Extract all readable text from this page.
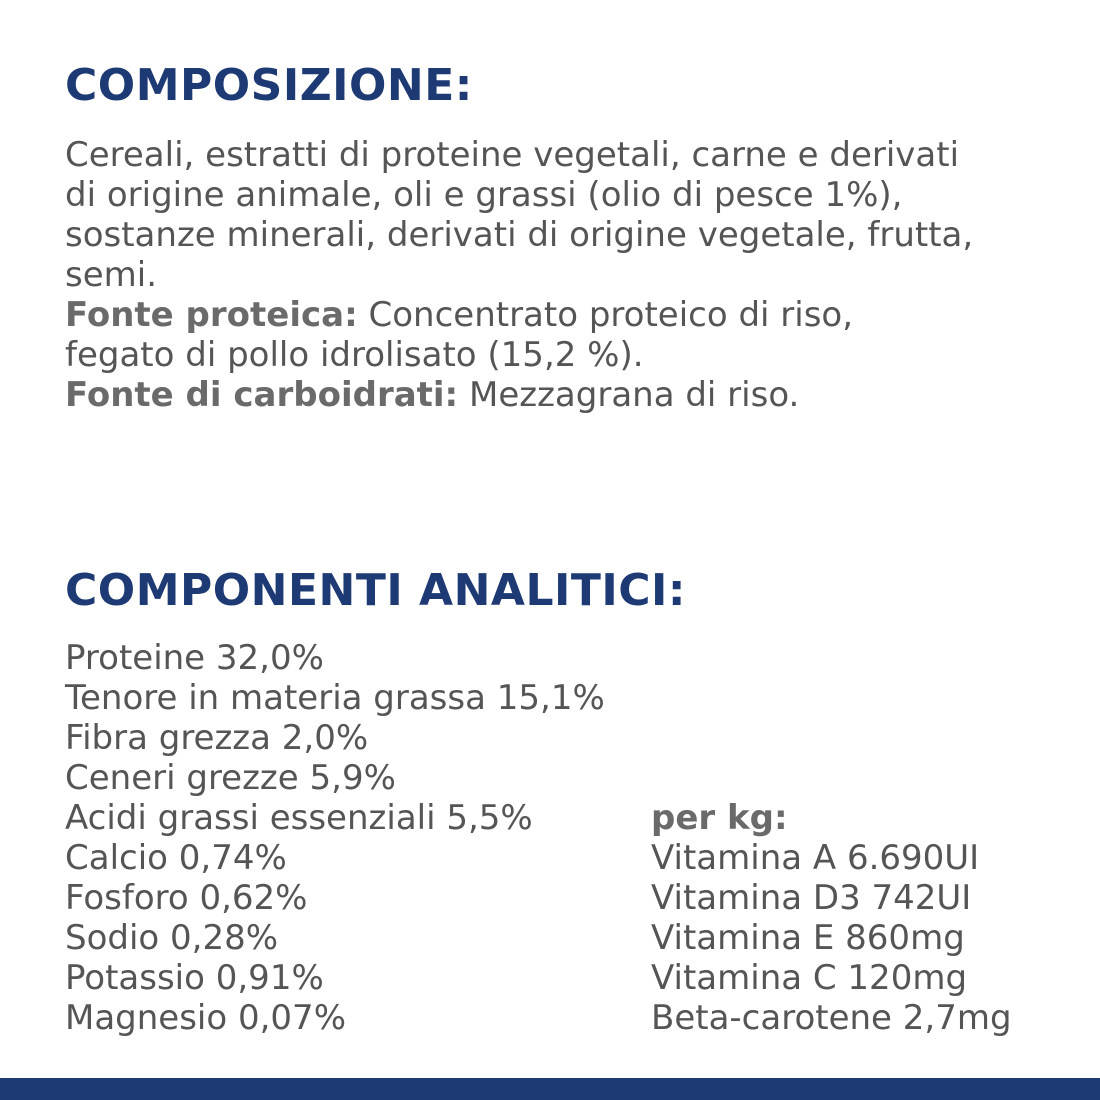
COMPOSIZIONE:
Cereali, estratti di proteine vegetali, carne e derivati
di origine animale, oli e grassi (olio di pesce 1%),
sostanze minerali, derivati di origine vegetale, frutta,
semi.
Fonte proteica: Concentrato proteico di riso,
fegato di pollo idrolisato (15,2 %).
Fonte di carboidrati: Mezzagrana di riso.
COMPONENTI ANALITICI:
Proteine 32,0%
Tenore in materia grassa 15,1%
Fibra grezza 2,0%
Ceneri grezze 5,9%
Acidi grassi essenziali 5,5%
Calcio 0,74%
Fosforo 0,62%
Sodio 0,28%
Potassio 0,91%
Magnesio 0,07%
per kg:
Vitamina A 6.690UI
Vitamina D3 742UI
Vitamina E 860mg
Vitamina C 120mg
Beta-carotene 2,7mg
